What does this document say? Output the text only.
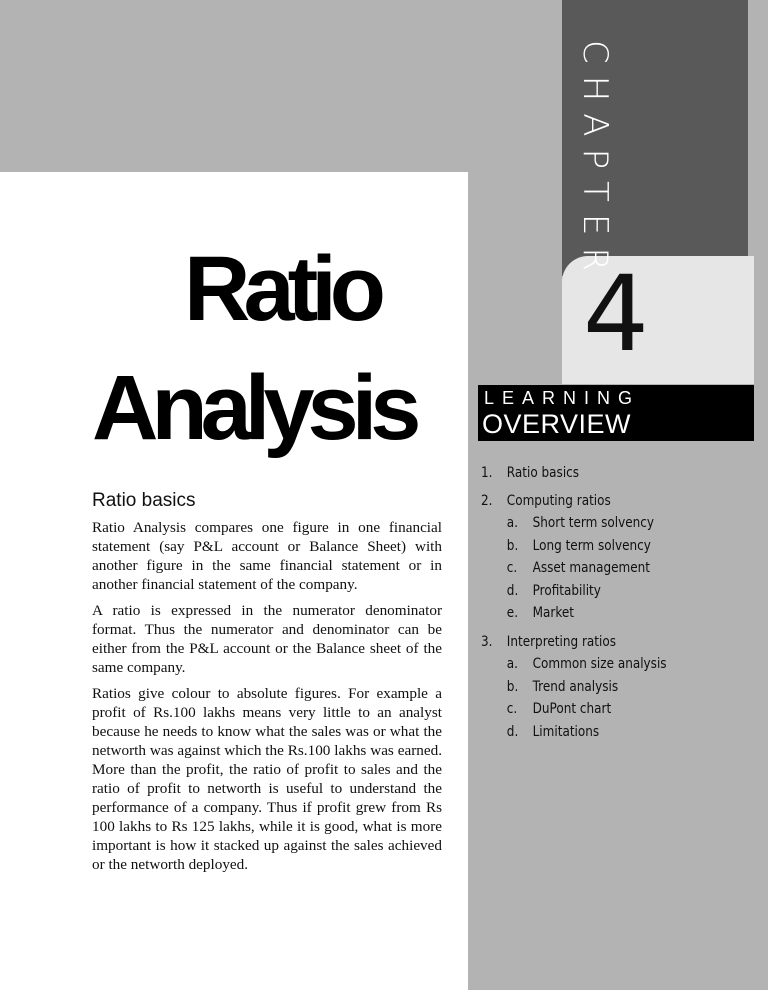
CHAPTER
4
Ratio
Analysis	LEARNING
OVERVIEW
1.	Ratio basics
2.	Computing ratios
a.	Short term solvency
b.	Long term solvency
c.	Asset management
d.	Profitability
e.	Market
3.	Interpreting ratios
a.	Common size analysis
b.	Trend analysis
c.	DuPont chart
d.	Limitations
Ratio basics

Ratio Analysis compares one figure in one financial statement (say P&L account or Balance Sheet) with another figure in the same financial statement or in another financial statement of the company.

A ratio is expressed in the numerator denominator format. Thus the numerator and denominator can be either from the P&L account or the Balance sheet of the same company.

Ratios give colour to absolute figures. For example a profit of Rs.100 lakhs means very little to an analyst because he needs to know what the sales was or what the networth was against which the Rs.100 lakhs was earned. More than the profit, the ratio of profit to sales and the ratio of profit to networth is useful to understand the performance of a company. Thus if profit grew from Rs 100 lakhs to Rs 125 lakhs, while it is good, what is more important is how it stacked up against the sales achieved or the networth deployed.
